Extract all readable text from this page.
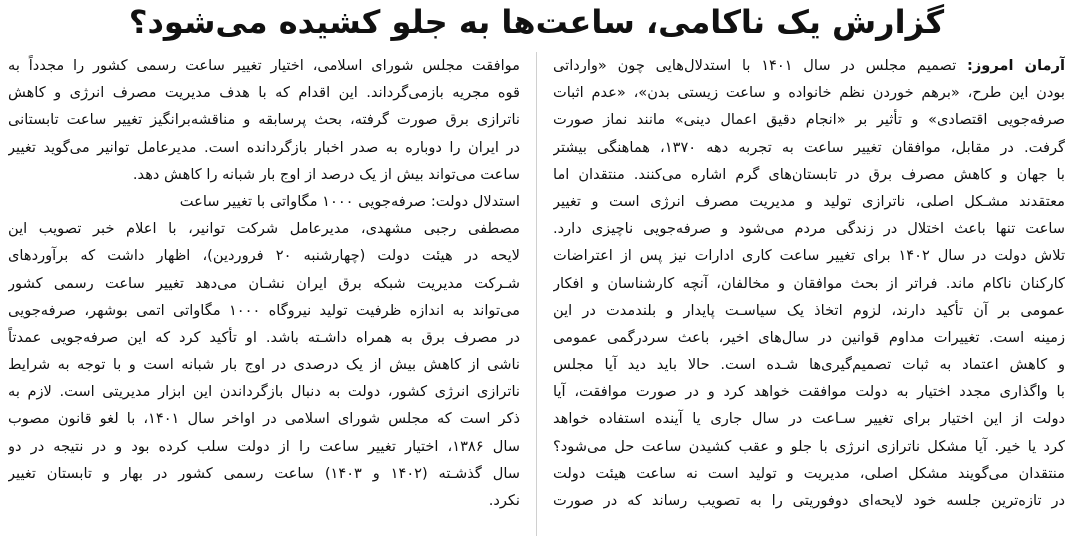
گزارش یک ناکامی، ساعت‌ها به جلو کشیده می‌شود؟
آرمان امروز: تصمیم مجلس در سال ۱۴۰۱ با استدلال‌هایی چون «وارداتی
بودن این طرح، «برهم خوردن نظم خانواده و ساعت زیستی بدن»، «عدم اثبات
صرفه‌جویی اقتصادی» و تأثیر بر «انجام دقیق اعمال دینی» مانند نماز صورت
گرفت. در مقابل، موافقان تغییر ساعت به تجربه دهه ۱۳۷۰، هماهنگی بیشتر
با جهان و کاهش مصرف برق در تابستان‌های گرم اشاره می‌کنند. منتقدان اما
معتقدند مشـکل اصلی، ناترازی تولید و مدیریت مصرف انرژی است و تغییر
ساعت تنها باعث اختلال در زندگی مردم می‌شود و صرفه‌جویی ناچیزی دارد.
تلاش دولت در سال ۱۴۰۲ برای تغییر ساعت کاری ادارات نیز پس از اعتراضات
کارکنان ناکام ماند. فراتر از بحث موافقان و مخالفان، آنچه کارشناسان و افکار
عمومی بر آن تأکید دارند، لزوم اتخاذ یک سیاسـت پایدار و بلندمدت در این
زمینه است. تغییرات مداوم قوانین در سال‌های اخیر، باعث سردرگمی عمومی
و کاهش اعتماد به ثبات تصمیم‌گیری‌ها شـده است. حالا باید دید آیا مجلس
با واگذاری مجدد اختیار به دولت موافقت خواهد کرد و در صورت موافقت، آیا
دولت از این اختیار برای تغییر سـاعت در سال جاری یا آینده استفاده خواهد
کرد یا خیر. آیا مشکل ناترازی انرژی با جلو و عقب کشیدن ساعت حل می‌شود؟
منتقدان می‌گویند مشکل اصلی، مدیریت و تولید است نه ساعت هیئت دولت
در تازه‌ترین جلسه خود لایحه‌ای دوفوریتی را به تصویب رساند که در صورت
موافقت مجلس شورای اسلامی، اختیار تغییر ساعت رسمی کشور را مجدداً به
قوه مجریه بازمی‌گرداند. این اقدام که با هدف مدیریت مصرف انرژی و کاهش
ناترازی برق صورت گرفته، بحث پرسابقه و مناقشه‌برانگیز تغییر ساعت تابستانی
در ایران را دوباره به صدر اخبار بازگردانده است. مدیرعامل توانیر می‌گوید تغییر
ساعت می‌تواند بیش از یک درصد از اوج بار شبانه را کاهش دهد.
استدلال دولت: صرفه‌جویی ۱۰۰۰ مگاواتی با تغییر ساعت
مصطفی رجبی مشهدی، مدیرعامل شرکت توانیر، با اعلام خبر تصویب این
لایحه در هیئت دولت (چهارشنبه ۲۰ فروردین)، اظهار داشت که برآوردهای
شـرکت مدیریت شبکه برق ایران نشـان می‌دهد تغییر ساعت رسمی کشور
می‌تواند به اندازه ظرفیت تولید نیروگاه ۱۰۰۰ مگاواتی اتمی بوشهر، صرفه‌جویی
در مصرف برق به همراه داشـته باشد. او تأکید کرد که این صرفه‌جویی عمدتاً
ناشی از کاهش بیش از یک درصدی در اوج بار شبانه است و با توجه به شرایط
ناترازی انرژی کشور، دولت به دنبال بازگرداندن این ابزار مدیریتی است. لازم به
ذکر است که مجلس شورای اسلامی در اواخر سال ۱۴۰۱، با لغو قانون مصوب
سال ۱۳۸۶، اختیار تغییر ساعت را از دولت سلب کرده بود و در نتیجه در دو
سال گذشـته (۱۴۰۲ و ۱۴۰۳) ساعت رسمی کشور در بهار و تابستان تغییر
نکرد.
